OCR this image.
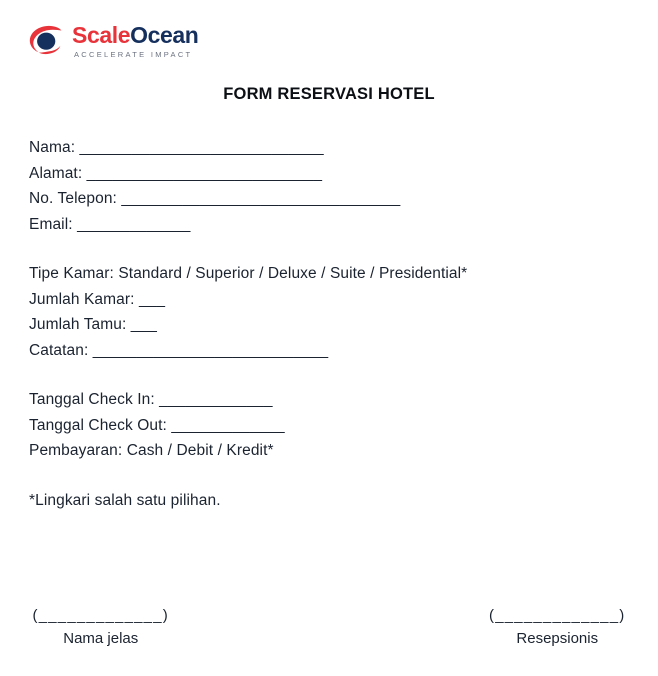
ScaleOcean
ACCELERATE IMPACT
FORM RESERVASI HOTEL
Nama: ____________________________
Alamat: ___________________________
No. Telepon: ________________________________
Email: _____________
Tipe Kamar: Standard / Superior / Deluxe / Suite / Presidential*
Jumlah Kamar: ___
Jumlah Tamu: ___
Catatan: ___________________________
Tanggal Check In: _____________
Tanggal Check Out: _____________
Pembayaran: Cash / Debit / Kredit*
*Lingkari salah satu pilihan.
(_____________)
Nama jelas
(_____________)
Resepsionis
